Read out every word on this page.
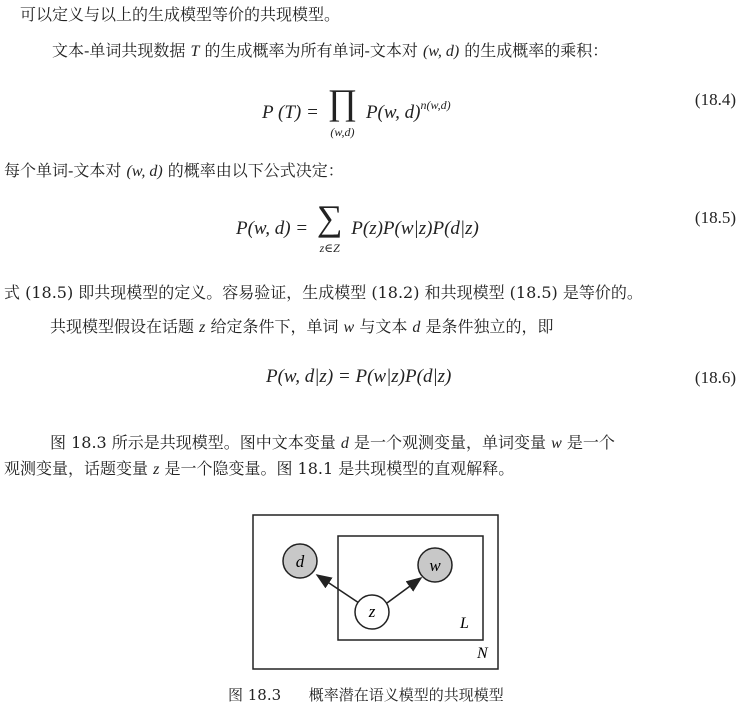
可以定义与以上的生成模型等价的共现模型。
文本-单词共现数据 T 的生成概率为所有单词-文本对 (w, d) 的生成概率的乘积：
P (T) = ∏
(w,d) P(w, d)$^{n(w,d)}$	(18.4)
每个单词-文本对 (w, d) 的概率由以下公式决定：
P(w, d) = ∑
z∈Z P(z)P(w|z)P(d|z)
(18.5)
式 (18.5) 即共现模型的定义。容易验证，生成模型 (18.2) 和共现模型 (18.5) 是等价的。
共现模型假设在话题 z 给定条件下，单词 w 与文本 d 是条件独立的，即
P(w, d|z) = P(w|z)P(d|z)	(18.6)
图 18.3 所示是共现模型。图中文本变量 d 是一个观测变量，单词变量 w 是一个
观测变量，话题变量 z 是一个隐变量。图 18.1 是共现模型的直观解释。
d	w
z
L
N
图 18.3 概率潜在语义模型的共现模型
